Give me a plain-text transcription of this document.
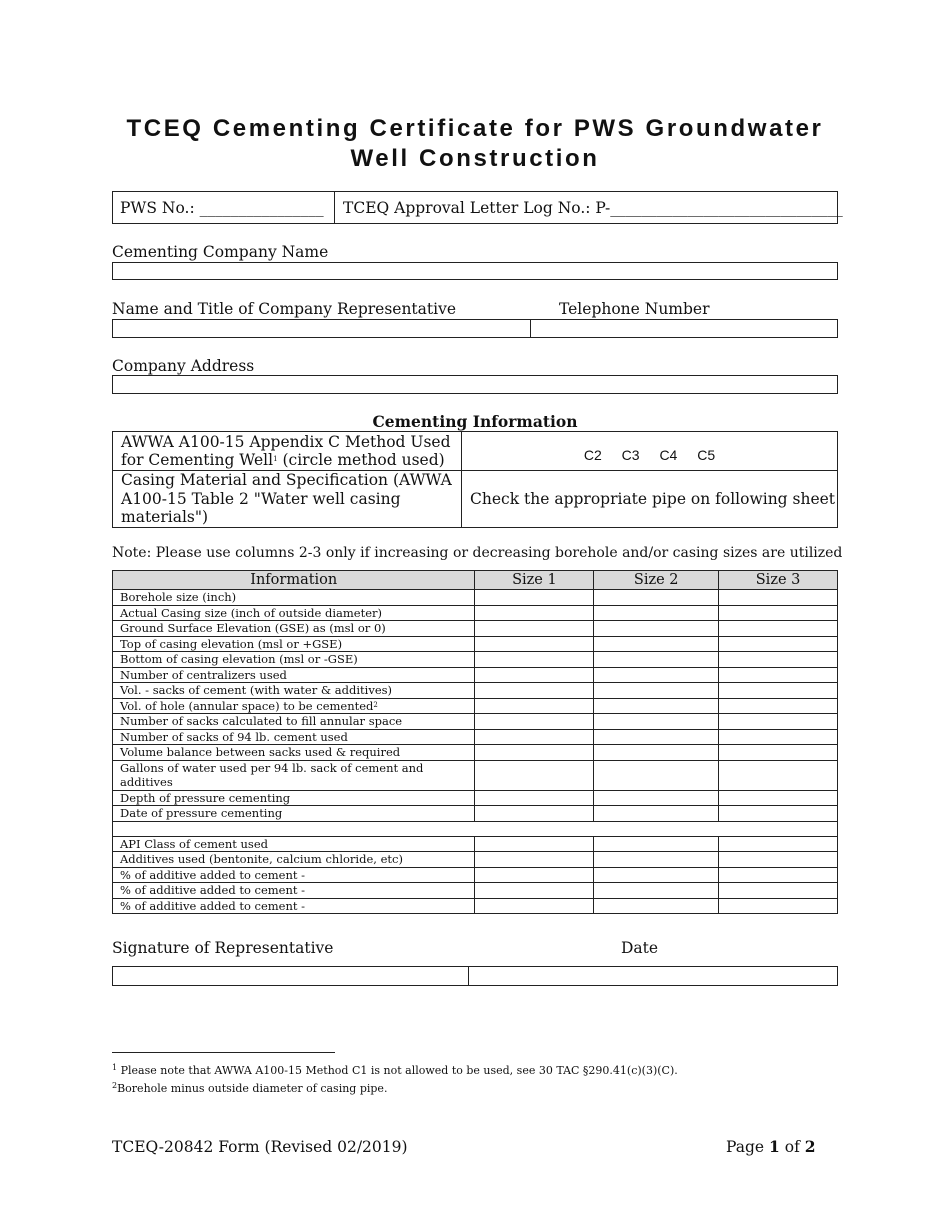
TCEQ Cementing Certificate for PWS Groundwater
Well Construction
PWS No.: ________________ TCEQ Approval Letter Log No.: P-______________________________
Cementing Company Name
Name and Title of Company Representative	Telephone Number
Company Address
Cementing Information
AWWA A100-15 Appendix C Method Used
for Cementing Well$^1$ (circle method used)	C2 C3 C4 C5

Casing Material and Specification (AWWA
A100-15 Table 2 "Water well casing
materials")	Check the appropriate pipe on following sheet
Note: Please use columns 2-3 only if increasing or decreasing borehole and/or casing sizes are utilized
Information	Size 1	Size 2	Size 3
Borehole size (inch)			
Actual Casing size (inch of outside diameter)			
Ground Surface Elevation (GSE) as (msl or 0)			
Top of casing elevation (msl or +GSE)			
Bottom of casing elevation (msl or -GSE)			
Number of centralizers used			
Vol. - sacks of cement (with water & additives)			
Vol. of hole (annular space) to be cemented$^2$			
Number of sacks calculated to fill annular space			
Number of sacks of 94 lb. cement used			
Volume balance between sacks used & required			
Gallons of water used per 94 lb. sack of cement and
additives			
Depth of pressure cementing			
Date of pressure cementing			

API Class of cement used			
Additives used (bentonite, calcium chloride, etc)			
% of additive added to cement -			
% of additive added to cement -			
% of additive added to cement -			
Signature of Representative	Date
$^1$ Please note that AWWA A100-15 Method C1 is not allowed to be used, see 30 TAC §290.41(c)(3)(C).
$^2$Borehole minus outside diameter of casing pipe.
TCEQ-20842 Form (Revised 02/2019)	Page 1 of 2
